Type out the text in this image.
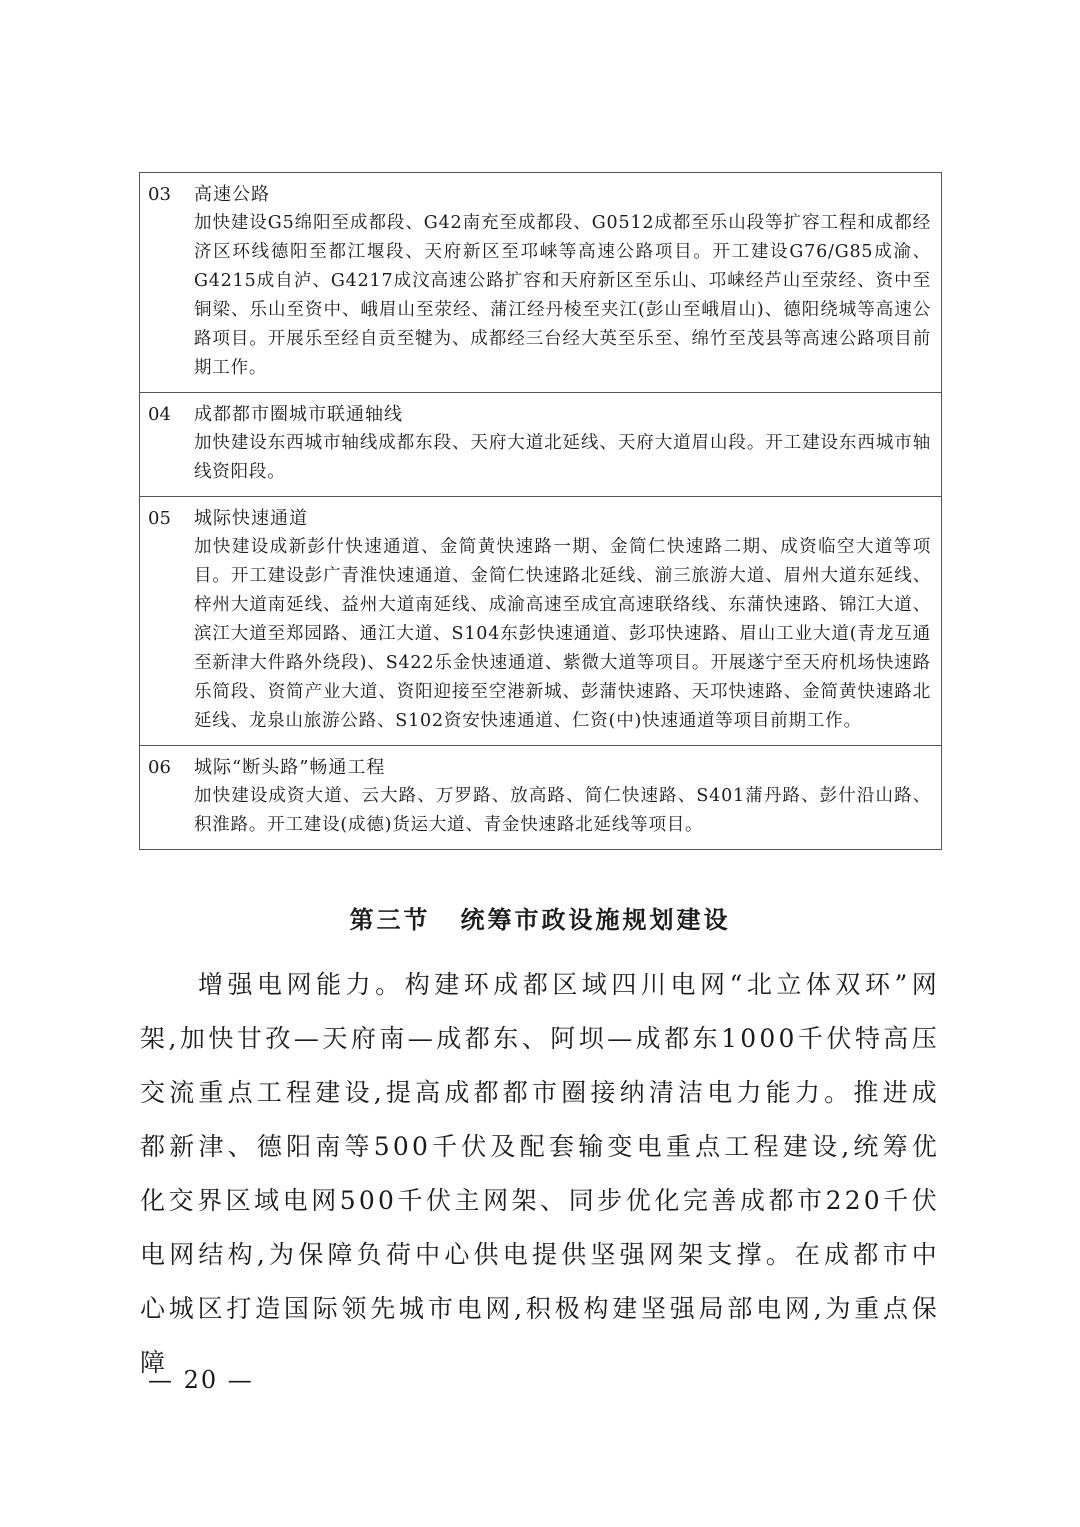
03	高速公路
加快建设G5绵阳至成都段、G42南充至成都段、G0512成都至乐山段等扩容工程和成都经济区环线德阳至都江堰段、天府新区至邛崃等高速公路项目。开工建设G76/G85成渝、G4215成自泸、G4217成汶高速公路扩容和天府新区至乐山、邛崃经芦山至荥经、资中至铜梁、乐山至资中、峨眉山至荥经、蒲江经丹棱至夹江(彭山至峨眉山)、德阳绕城等高速公路项目。开展乐至经自贡至犍为、成都经三台经大英至乐至、绵竹至茂县等高速公路项目前期工作。
04	成都都市圈城市联通轴线
加快建设东西城市轴线成都东段、天府大道北延线、天府大道眉山段。开工建设东西城市轴线资阳段。
05	城际快速通道
加快建设成新彭什快速通道、金简黄快速路一期、金简仁快速路二期、成资临空大道等项目。开工建设彭广青淮快速通道、金简仁快速路北延线、湔三旅游大道、眉州大道东延线、梓州大道南延线、益州大道南延线、成渝高速至成宜高速联络线、东蒲快速路、锦江大道、滨江大道至郑园路、通江大道、S104东彭快速通道、彭邛快速路、眉山工业大道(青龙互通至新津大件路外绕段)、S422乐金快速通道、紫微大道等项目。开展遂宁至天府机场快速路乐简段、资简产业大道、资阳迎接至空港新城、彭蒲快速路、天邛快速路、金简黄快速路北延线、龙泉山旅游公路、S102资安快速通道、仁资(中)快速通道等项目前期工作。
06	城际“断头路”畅通工程
加快建设成资大道、云大路、万罗路、放高路、简仁快速路、S401蒲丹路、彭什沿山路、积淮路。开工建设(成德)货运大道、青金快速路北延线等项目。
第三节 统筹市政设施规划建设

增强电网能力。构建环成都区域四川电网“北立体双环”网架,加快甘孜—天府南—成都东、阿坝—成都东1000千伏特高压交流重点工程建设,提高成都都市圈接纳清洁电力能力。推进成都新津、德阳南等500千伏及配套输变电重点工程建设,统筹优化交界区域电网500千伏主网架、同步优化完善成都市220千伏电网结构,为保障负荷中心供电提供坚强网架支撑。在成都市中心城区打造国际领先城市电网,积极构建坚强局部电网,为重点保障

— 20 —
